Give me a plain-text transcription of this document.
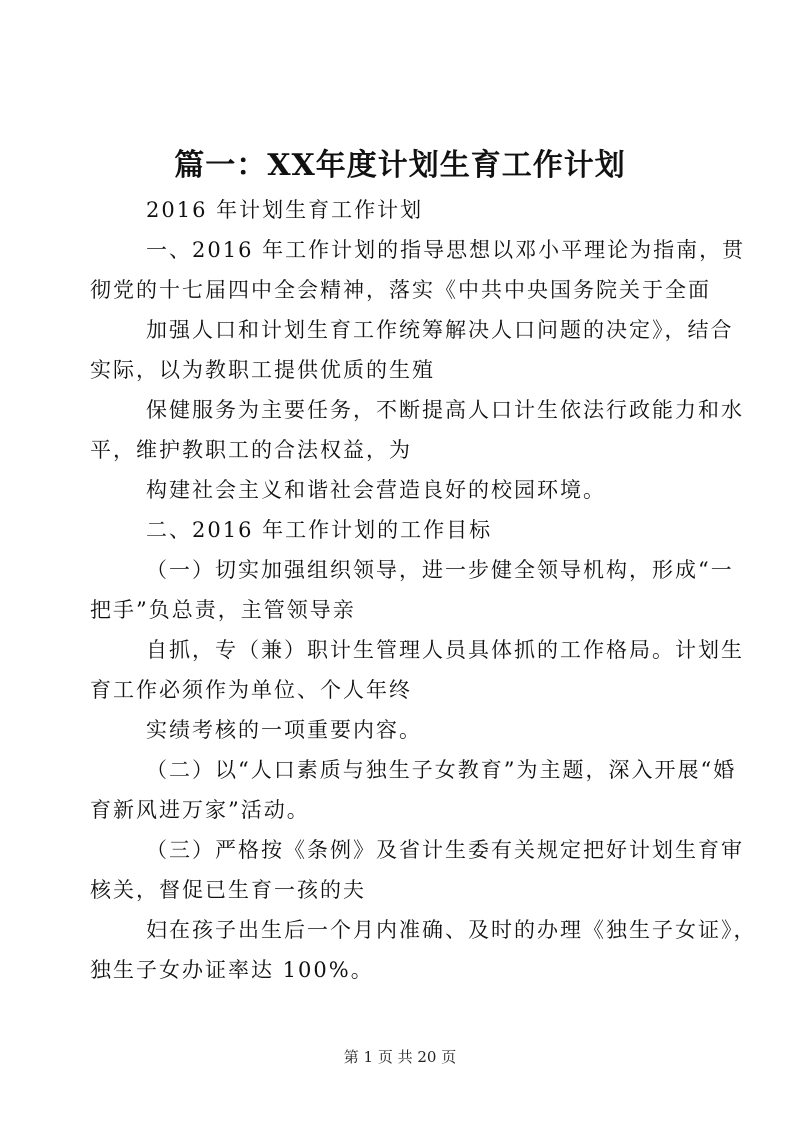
篇一：XX年度计划生育工作计划
2016 年计划生育工作计划
一、2016 年工作计划的指导思想以邓小平理论为指南，贯
彻党的十七届四中全会精神，落实《中共中央国务院关于全面
加强人口和计划生育工作统筹解决人口问题的决定》，结合
实际，以为教职工提供优质的生殖
保健服务为主要任务，不断提高人口计生依法行政能力和水
平，维护教职工的合法权益，为
构建社会主义和谐社会营造良好的校园环境。
二、2016 年工作计划的工作目标
（一）切实加强组织领导，进一步健全领导机构，形成“一
把手”负总责，主管领导亲
自抓，专（兼）职计生管理人员具体抓的工作格局。计划生
育工作必须作为单位、个人年终
实绩考核的一项重要内容。
（二）以“人口素质与独生子女教育”为主题，深入开展“婚
育新风进万家”活动。
（三）严格按《条例》及省计生委有关规定把好计划生育审
核关，督促已生育一孩的夫
妇在孩子出生后一个月内准确、及时的办理《独生子女证》，
独生子女办证率达 100%。
第 1 页 共 20 页
